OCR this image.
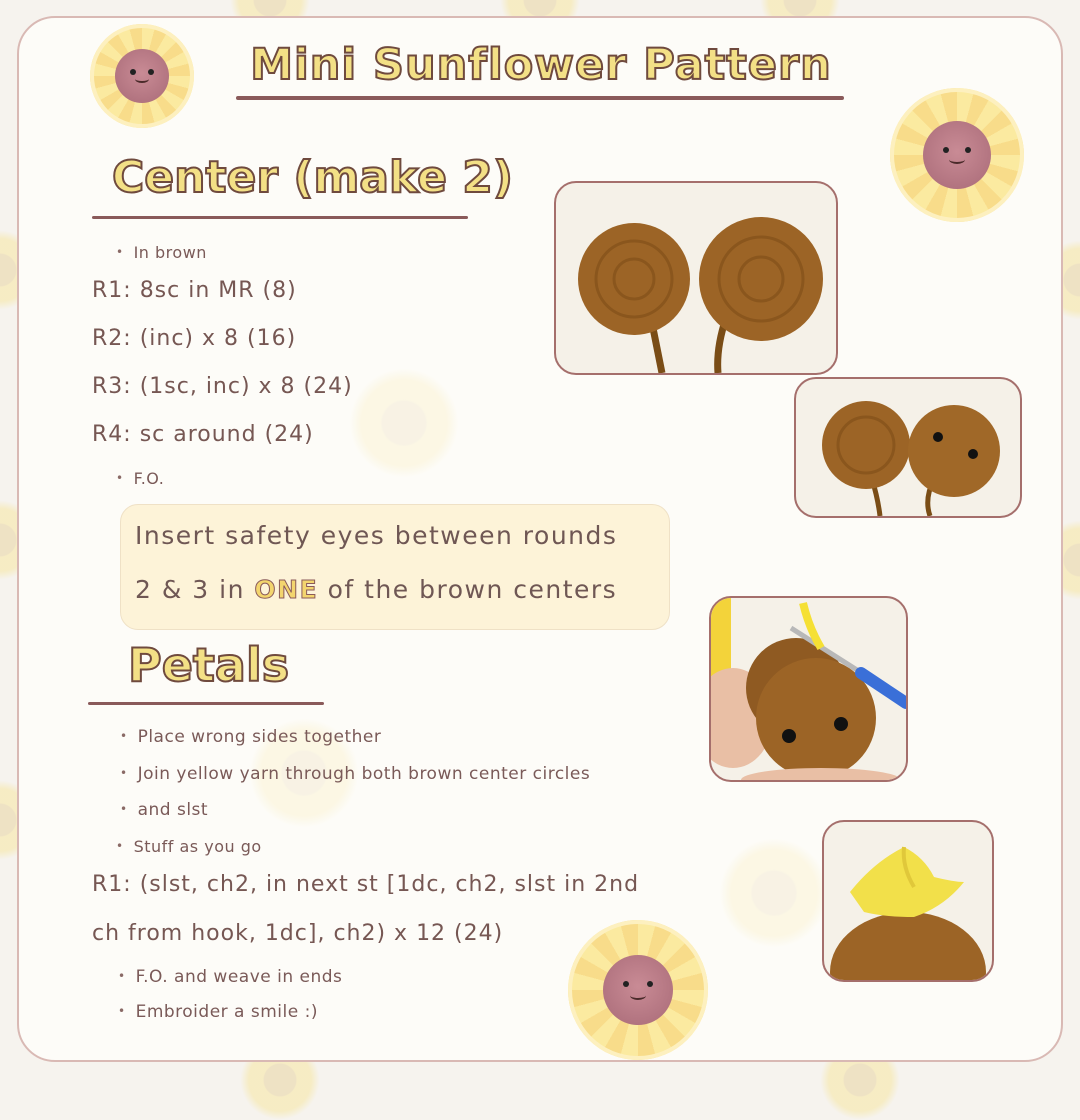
Mini Sunflower Pattern
Center (make 2)
• In brown
R1: 8sc in MR (8)
R2: (inc) x 8 (16)
R3: (1sc, inc) x 8 (24)
R4: sc around (24)
• F.O.
Insert safety eyes between rounds
2 & 3 in ONE of the brown centers
Petals
• Place wrong sides together
• Join yellow yarn through both brown center circles
• and slst
• Stuff as you go
R1: (slst, ch2, in next st [1dc, ch2, slst in 2nd
ch from hook, 1dc], ch2) x 12 (24)
• F.O. and weave in ends
• Embroider a smile :)
